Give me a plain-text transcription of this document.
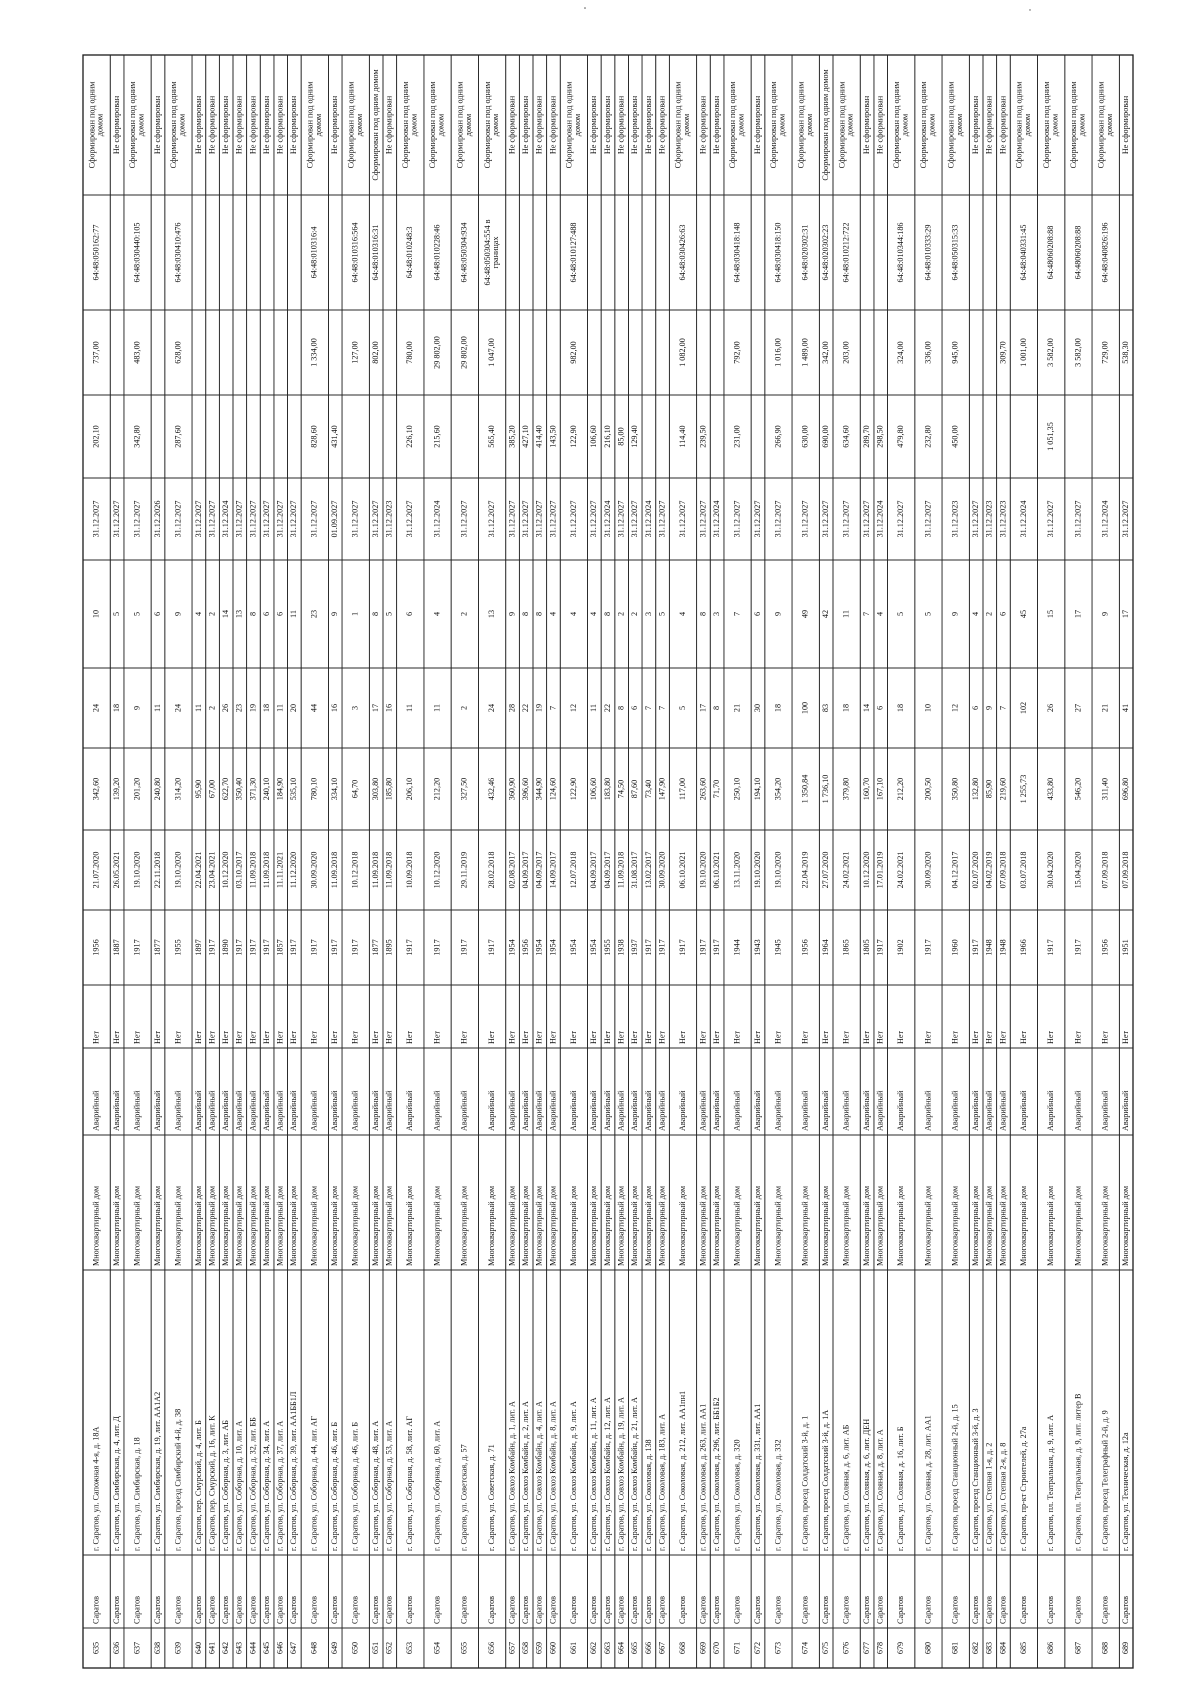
635
Саратов
г. Саратов, ул. Сапожная 4-я, д. 18А
Многоквартирный дом
Аварийный
Нет
1956
21.07.2020
342,60
24
10
31.12.2027
202,10
737,00
64:48:050162:77
Сформирован под одним домом
636
Саратов
г. Саратов, ул. Симбирская, д. 4, лит. Д
Многоквартирный дом
Аварийный
Нет
1887
26.05.2021
139,20
18
5
31.12.2027
Не сформирован
637
Саратов
г. Саратов, ул. Симбирская, д. 18
Многоквартирный дом
Аварийный
Нет
1917
19.10.2020
201,20
9
5
31.12.2027
342,80
483,00
64:48:030440:105
Сформирован под одним домом
638
Саратов
г. Саратов, ул. Симбирская, д. 19, лит. АА1А2
Многоквартирный дом
Аварийный
Нет
1877
22.11.2018
240,80
11
6
31.12.2026
Не сформирован
639
Саратов
г. Саратов, проезд Симбирский 4-й, д. 38
Многоквартирный дом
Аварийный
Нет
1955
19.10.2020
314,20
24
9
31.12.2027
287,60
628,00
64:48:030410:476
Сформирован под одним домом
640
Саратов
г. Саратов, пер. Смурский, д. 4, лит. Б
Многоквартирный дом
Аварийный
Нет
1897
22.04.2021
95,90
11
4
31.12.2027
Не сформирован
641
Саратов
г. Саратов, пер. Смурский, д. 16, лит. К
Многоквартирный дом
Аварийный
Нет
1917
23.04.2021
67,00
2
2
31.12.2027
Не сформирован
642
Саратов
г. Саратов, ул. Соборная, д. 3, лит. АБ
Многоквартирный дом
Аварийный
Нет
1890
10.12.2020
622,70
26
14
31.12.2024
Не сформирован
643
Саратов
г. Саратов, ул. Соборная, д. 10, лит. А
Многоквартирный дом
Аварийный
Нет
1917
03.10.2017
350,40
23
13
31.12.2027
Не сформирован
644
Саратов
г. Саратов, ул. Соборная, д. 32, лит. ББ
Многоквартирный дом
Аварийный
Нет
1917
11.09.2018
371,30
19
8
31.12.2027
Не сформирован
645
Саратов
г. Саратов, ул. Соборная, д. 34, лит. А
Многоквартирный дом
Аварийный
Нет
1917
11.09.2018
240,10
18
6
31.12.2027
Не сформирован
646
Саратов
г. Саратов, ул. Соборная, д. 37, лит. А
Многоквартирный дом
Аварийный
Нет
1857
11.11.2021
184,90
11
6
31.12.2027
Не сформирован
647
Саратов
г. Саратов, ул. Соборная, д. 39, лит. АА1ББ1Л
Многоквартирный дом
Аварийный
Нет
1917
11.12.2020
535,10
20
11
31.12.2027
Не сформирован
648
Саратов
г. Саратов, ул. Соборная, д. 44, лит. АГ
Многоквартирный дом
Аварийный
Нет
1917
30.09.2020
780,10
44
23
31.12.2027
828,60
1 334,00
64:48:010316:4
Сформирован под одним домом
649
Саратов
г. Саратов, ул. Соборная, д. 46, лит. Б
Многоквартирный дом
Аварийный
Нет
1917
11.09.2018
334,10
16
9
01.09.2027
431,40
Не сформирован
650
Саратов
г. Саратов, ул. Соборная, д. 46, лит. Б
Многоквартирный дом
Аварийный
Нет
1917
10.12.2018
64,70
3
1
31.12.2027
127,00
64:48:010316:564
Сформирован под одним домом
651
Саратов
г. Саратов, ул. Соборная, д. 48, лит. А
Многоквартирный дом
Аварийный
Нет
1877
11.09.2018
303,80
17
8
31.12.2027
802,00
64:48:010316:31
Сформирован под одним домом
652
Саратов
г. Саратов, ул. Соборная, д. 53, лит. А
Многоквартирный дом
Аварийный
Нет
1895
11.09.2018
185,80
16
5
31.12.2023
Не сформирован
653
Саратов
г. Саратов, ул. Соборная, д. 58, лит. АГ
Многоквартирный дом
Аварийный
Нет
1917
10.09.2018
206,10
11
6
31.12.2027
226,10
780,00
64:48:010248:3
Сформирован под одним домом
654
Саратов
г. Саратов, ул. Соборная, д. 60, лит. А
Многоквартирный дом
Аварийный
Нет
1917
10.12.2020
212,20
11
4
31.12.2024
215,60
29 802,00
64:48:010228:46
Сформирован под одним домом
655
Саратов
г. Саратов, ул. Советская, д. 57
Многоквартирный дом
Аварийный
Нет
1917
29.11.2019
327,50
2
2
31.12.2027
29 802,00
64:48:050304:934
Сформирован под одним домом
656
Саратов
г. Саратов, ул. Советская, д. 71
Многоквартирный дом
Аварийный
Нет
1917
28.02.2018
432,46
24
13
31.12.2027
565,40
1 047,00
64:48:050304:554 в границах
Сформирован под одним домом
657
Саратов
г. Саратов, ул. Совхоз Комбайн, д. 1, лит. А
Многоквартирный дом
Аварийный
Нет
1954
02.08.2017
360,90
28
9
31.12.2027
385,20
Не сформирован
658
Саратов
г. Саратов, ул. Совхоз Комбайн, д. 2, лит. А
Многоквартирный дом
Аварийный
Нет
1956
04.09.2017
396,60
22
8
31.12.2027
427,10
Не сформирован
659
Саратов
г. Саратов, ул. Совхоз Комбайн, д. 4, лит. А
Многоквартирный дом
Аварийный
Нет
1954
04.09.2017
344,90
19
8
31.12.2027
414,40
Не сформирован
660
Саратов
г. Саратов, ул. Совхоз Комбайн, д. 8, лит. А
Многоквартирный дом
Аварийный
Нет
1954
14.09.2017
124,60
7
4
31.12.2027
143,50
Не сформирован
661
Саратов
г. Саратов, ул. Совхоз Комбайн, д. 9, лит. А
Многоквартирный дом
Аварийный
Нет
1954
12.07.2018
122,90
12
4
31.12.2027
122,90
982,00
64:48:010127:488
Сформирован под одним домом
662
Саратов
г. Саратов, ул. Совхоз Комбайн, д. 11, лит. А
Многоквартирный дом
Аварийный
Нет
1954
04.09.2017
106,60
11
4
31.12.2027
106,60
Не сформирован
663
Саратов
г. Саратов, ул. Совхоз Комбайн, д. 12, лит. А
Многоквартирный дом
Аварийный
Нет
1955
04.09.2017
183,80
22
8
31.12.2024
216,10
Не сформирован
664
Саратов
г. Саратов, ул. Совхоз Комбайн, д. 19, лит. А
Многоквартирный дом
Аварийный
Нет
1938
11.09.2018
74,50
8
2
31.12.2027
85,00
Не сформирован
665
Саратов
г. Саратов, ул. Совхоз Комбайн, д. 21, лит. А
Многоквартирный дом
Аварийный
Нет
1937
31.08.2017
87,60
6
2
31.12.2027
129,40
Не сформирован
666
Саратов
г. Саратов, ул. Соколовая, д. 138
Многоквартирный дом
Аварийный
Нет
1917
13.02.2017
73,40
7
3
31.12.2024
Не сформирован
667
Саратов
г. Саратов, ул. Соколовая, д. 183, лит. А
Многоквартирный дом
Аварийный
Нет
1917
30.09.2020
147,90
7
5
31.12.2027
Не сформирован
668
Саратов
г. Саратов, ул. Соколовая, д. 212, лит. АА1пн1
Многоквартирный дом
Аварийный
Нет
1917
06.10.2021
117,00
5
4
31.12.2027
114,40
1 082,00
64:48:030426:63
Сформирован под одним домом
669
Саратов
г. Саратов, ул. Соколовая, д. 263, лит. АА1
Многоквартирный дом
Аварийный
Нет
1917
19.10.2020
263,60
17
8
31.12.2027
239,50
Не сформирован
670
Саратов
г. Саратов, ул. Соколовая, д. 296, лит. ББ1Б2
Многоквартирный дом
Аварийный
Нет
1917
06.10.2021
71,70
8
3
31.12.2024
Не сформирован
671
Саратов
г. Саратов, ул. Соколовая, д. 320
Многоквартирный дом
Аварийный
Нет
1944
13.11.2020
250,10
21
7
31.12.2027
231,00
792,00
64:48:030418:148
Сформирован под одним домом
672
Саратов
г. Саратов, ул. Соколовая, д. 331, лит. АА1
Многоквартирный дом
Аварийный
Нет
1943
19.10.2020
194,10
30
6
31.12.2027
Не сформирован
673
Саратов
г. Саратов, ул. Соколовая, д. 332
Многоквартирный дом
Аварийный
Нет
1945
19.10.2020
354,20
18
9
31.12.2027
266,90
1 016,00
64:48:030418:150
Сформирован под одним домом
674
Саратов
г. Саратов, проезд Солдатский 3-й, д. 1
Многоквартирный дом
Аварийный
Нет
1956
22.04.2019
1 350,84
100
49
31.12.2027
630,00
1 489,00
64:48:020302:31
Сформирован под одним домом
675
Саратов
г. Саратов, проезд Солдатский 3-й, д. 1А
Многоквартирный дом
Аварийный
Нет
1964
27.07.2020
1 736,10
83
42
31.12.2027
690,00
342,00
64:48:020302:23
Сформирован под одним домом
676
Саратов
г. Саратов, ул. Соляная, д. 6, лит. АБ
Многоквартирный дом
Аварийный
Нет
1865
24.02.2021
379,80
18
11
31.12.2027
634,60
203,00
64:48:010212:722
Сформирован под одним домом
677
Саратов
г. Саратов, ул. Соляная, д. 6, лит. ДЕН
Многоквартирный дом
Аварийный
Нет
1805
10.12.2020
160,70
14
7
31.12.2027
289,70
Не сформирован
678
Саратов
г. Саратов, ул. Соляная, д. 8, лит. А
Многоквартирный дом
Аварийный
Нет
1917
17.01.2019
167,10
6
4
31.12.2024
298,50
Не сформирован
679
Саратов
г. Саратов, ул. Соляная, д. 16, лит. Б
Многоквартирный дом
Аварийный
Нет
1902
24.02.2021
212,20
18
5
31.12.2027
479,80
324,00
64:48:010344:186
Сформирован под одним домом
680
Саратов
г. Саратов, ул. Соляная, д. 28, лит. АА1
Многоквартирный дом
Аварийный
Нет
1917
30.09.2020
200,50
10
5
31.12.2027
232,80
336,00
64:48:010333:29
Сформирован под одним домом
681
Саратов
г. Саратов, проезд Станционный 2-й, д. 15
Многоквартирный дом
Аварийный
Нет
1960
04.12.2017
350,80
12
9
31.12.2023
450,00
945,00
64:48:050315:33
Сформирован под одним домом
682
Саратов
г. Саратов, проезд Станционный 3-й, д. 3
Многоквартирный дом
Аварийный
Нет
1917
02.07.2020
132,80
6
4
31.12.2027
Не сформирован
683
Саратов
г. Саратов, ул. Степная 1-я, д. 2
Многоквартирный дом
Аварийный
Нет
1948
04.02.2019
85,90
9
2
31.12.2023
Не сформирован
684
Саратов
г. Саратов, ул. Степная 2-я, д. 8
Многоквартирный дом
Аварийный
Нет
1948
07.09.2018
219,60
7
6
31.12.2023
309,70
Не сформирован
685
Саратов
г. Саратов, пр-кт Строителей, д. 27а
Многоквартирный дом
Аварийный
Нет
1966
03.07.2018
1 255,73
102
45
31.12.2024
1 001,00
64:48:040331:45
Сформирован под одним домом
686
Саратов
г. Саратов, пл. Театральная, д. 9, лит. А
Многоквартирный дом
Аварийный
Нет
1917
30.04.2020
433,80
26
15
31.12.2027
1 051,35
3 582,00
64:48060208:88
Сформирован под одним домом
687
Саратов
г. Саратов, пл. Театральная, д. 9, лит. литер В
Многоквартирный дом
Аварийный
Нет
1917
15.04.2020
546,20
27
17
31.12.2027
3 582,00
64:48060208:88
Сформирован под одним домом
688
Саратов
г. Саратов, проезд Телеграфный 2-й, д. 9
Многоквартирный дом
Аварийный
Нет
1956
07.09.2018
311,40
21
9
31.12.2024
729,00
64:48:040826:196
Сформирован под одним домом
689
Саратов
г. Саратов, ул. Техническая, д. 12а
Многоквартирный дом
Аварийный
Нет
1951
07.09.2018
696,80
41
17
31.12.2027
538,30
Не сформирован
